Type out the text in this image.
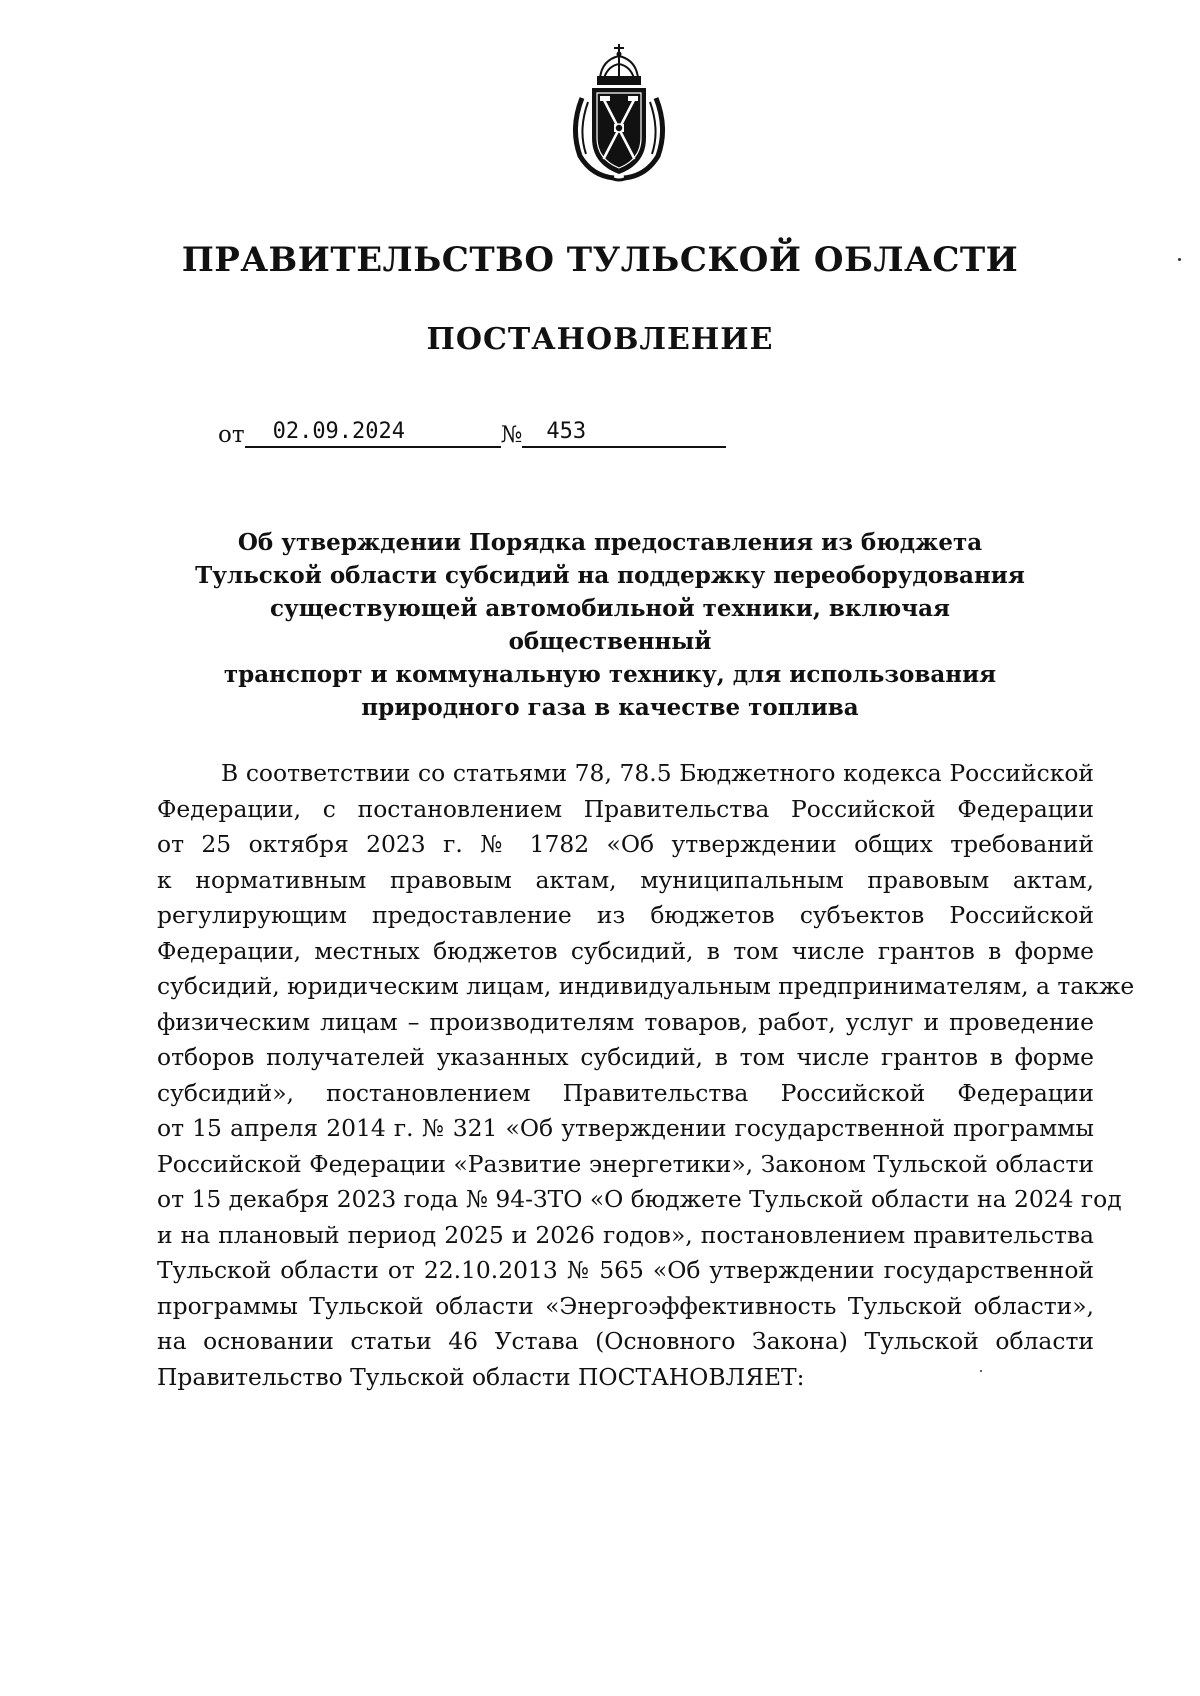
ПРАВИТЕЛЬСТВО ТУЛЬСКОЙ ОБЛАСТИ
ПОСТАНОВЛЕНИЕ
от	02.09.2024	№	453
Об утверждении Порядка предоставления из бюджета
Тульской области субсидий на поддержку переоборудования
существующей автомобильной техники, включая общественный
транспорт и коммунальную технику, для использования
природного газа в качестве топлива
В соответствии со статьями 78, 78.5 Бюджетного кодекса Российской
Федерации, с постановлением Правительства Российской Федерации
от 25 октября 2023 г. № 1782 «Об утверждении общих требований
к нормативным правовым актам, муниципальным правовым актам,
регулирующим предоставление из бюджетов субъектов Российской
Федерации, местных бюджетов субсидий, в том числе грантов в форме
субсидий, юридическим лицам, индивидуальным предпринимателям, а также
физическим лицам – производителям товаров, работ, услуг и проведение
отборов получателей указанных субсидий, в том числе грантов в форме
субсидий», постановлением Правительства Российской Федерации
от 15 апреля 2014 г. № 321 «Об утверждении государственной программы
Российской Федерации «Развитие энергетики», Законом Тульской области
от 15 декабря 2023 года № 94-ЗТО «О бюджете Тульской области на 2024 год
и на плановый период 2025 и 2026 годов», постановлением правительства
Тульской области от 22.10.2013 № 565 «Об утверждении государственной
программы Тульской области «Энергоэффективность Тульской области»,
на основании статьи 46 Устава (Основного Закона) Тульской области
Правительство Тульской области ПОСТАНОВЛЯЕТ:
